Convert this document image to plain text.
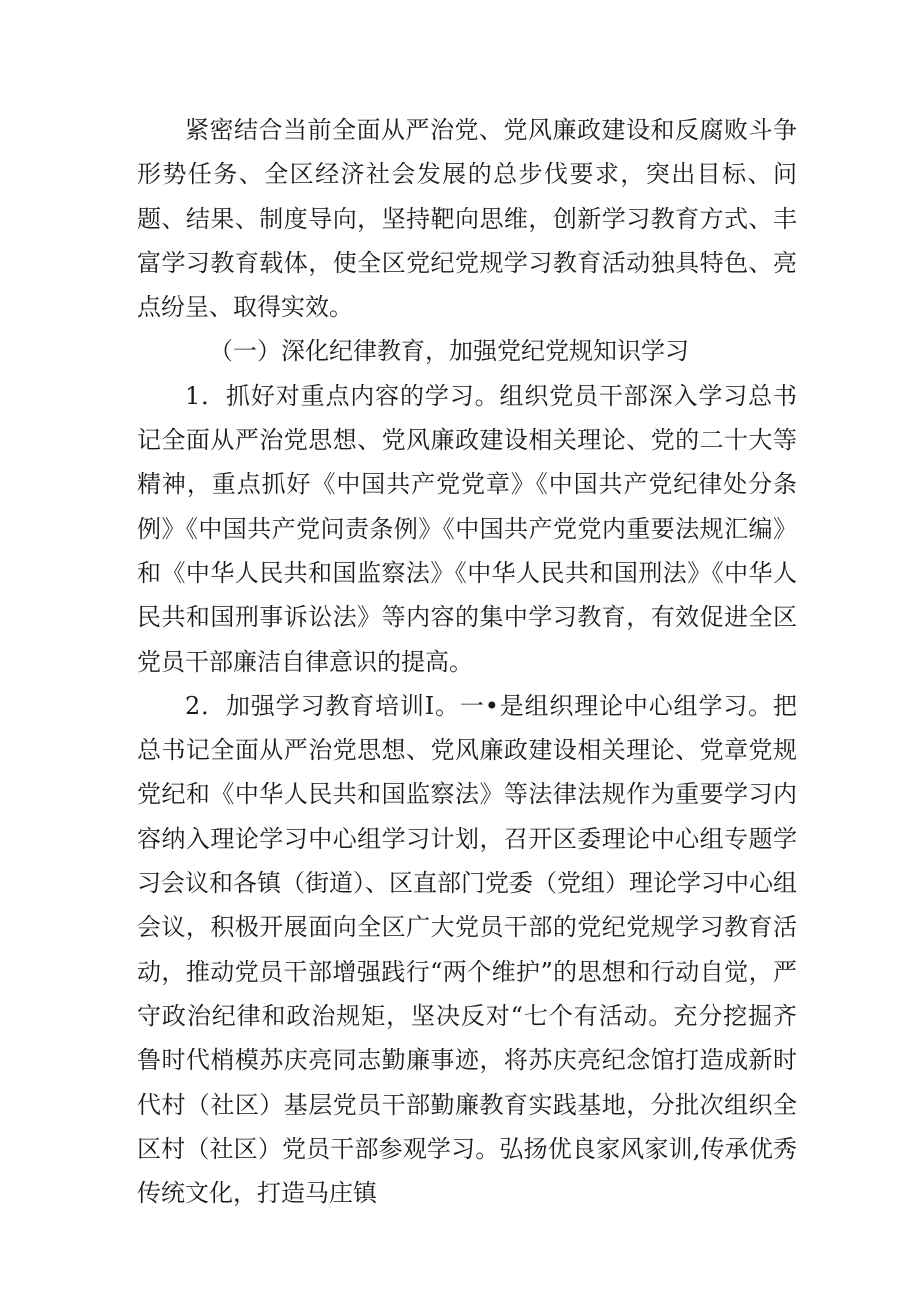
紧密结合当前全面从严治党、党风廉政建设和反腐败斗争形势任务、全区经济社会发展的总步伐要求，突出目标、问题、结果、制度导向，坚持靶向思维，创新学习教育方式、丰富学习教育载体，使全区党纪党规学习教育活动独具特色、亮点纷呈、取得实效。

（一）深化纪律教育，加强党纪党规知识学习

1．抓好对重点内容的学习。组织党员干部深入学习总书记全面从严治党思想、党风廉政建设相关理论、党的二十大等精神，重点抓好《中国共产党党章》《中国共产党纪律处分条例》《中国共产党问责条例》《中国共产党党内重要法规汇编》和《中华人民共和国监察法》《中华人民共和国刑法》《中华人民共和国刑事诉讼法》等内容的集中学习教育，有效促进全区党员干部廉洁自律意识的提高。

2．加强学习教育培训I。一•是组织理论中心组学习。把总书记全面从严治党思想、党风廉政建设相关理论、党章党规党纪和《中华人民共和国监察法》等法律法规作为重要学习内容纳入理论学习中心组学习计划，召开区委理论中心组专题学习会议和各镇（街道）、区直部门党委（党组）理论学习中心组会议，积极开展面向全区广大党员干部的党纪党规学习教育活动，推动党员干部增强践行“两个维护”的思想和行动自觉，严守政治纪律和政治规矩，坚决反对“七个有活动。充分挖掘齐鲁时代梢模苏庆亮同志勤廉事迹，将苏庆亮纪念馆打造成新时代村（社区）基层党员干部勤廉教育实践基地，分批次组织全区村（社区）党员干部参观学习。弘扬优良家风家训,传承优秀传统文化，打造马庄镇
